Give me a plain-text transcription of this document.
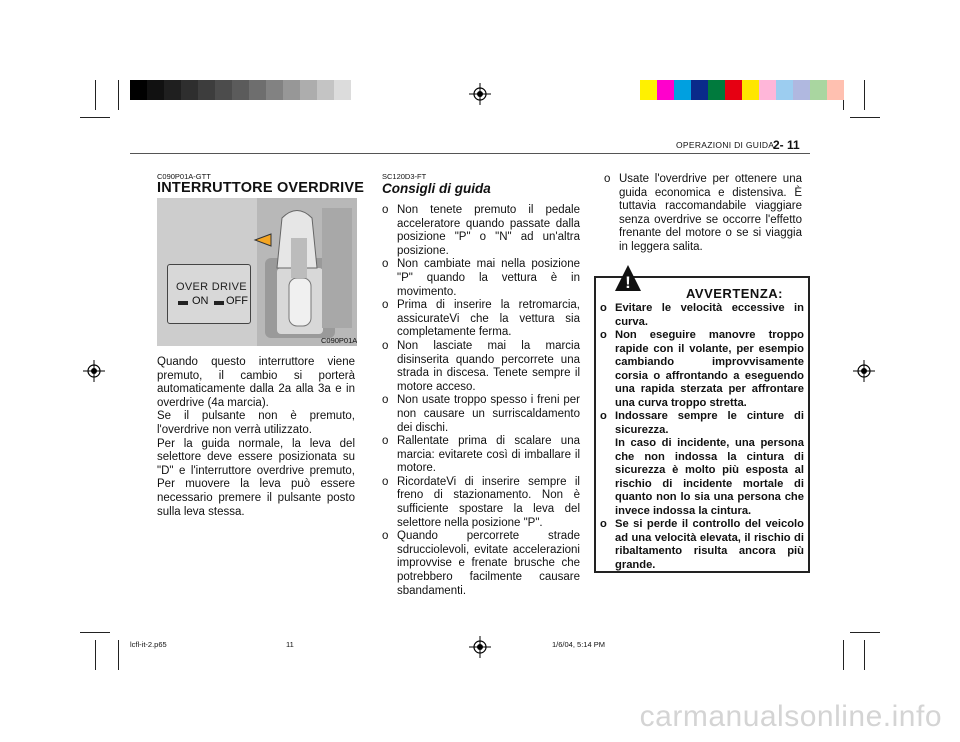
OPERAZIONI DI GUIDA
2- 11
C090P01A-GTT
INTERRUTTORE OVERDRIVE
OVER DRIVE
ON OFF
C090P01A
Quando questo interruttore viene premuto, il cambio si porterà automaticamente dalla 2a alla 3a e in overdrive (4a marcia).
Se il pulsante non è premuto, l'overdrive non verrà utilizzato.
Per la guida normale, la leva del selettore deve essere posizionata su "D" e l'interruttore overdrive premuto, Per muovere la leva può essere necessario premere il pulsante posto sulla leva stessa.
SC120D3-FT
Consigli di guida
o Non tenete premuto il pedale acceleratore quando passate dalla posizione "P" o "N" ad un'altra posizione.
o Non cambiate mai nella posizione "P" quando la vettura è in movimento.
o Prima di inserire la retromarcia, assicurateVi che la vettura sia completamente ferma.
o Non lasciate mai la marcia disinserita quando percorrete una strada in discesa. Tenete sempre il motore acceso.
o Non usate troppo spesso i freni per non causare un surriscaldamento dei dischi.
o Rallentate prima di scalare una marcia: evitarete così di imballare il motore.
o RicordateVi di inserire sempre il freno di stazionamento. Non è sufficiente spostare la leva del selettore nella posizione "P".
o Quando percorrete strade sdrucciolevoli, evitate accelerazioni improvvise e frenate brusche che potrebbero facilmente causare sbandamenti.
o Usate l'overdrive per ottenere una guida economica e distensiva. È tuttavia raccomandabile viaggiare senza overdrive se occorre l'effetto frenante del motore o se si viaggia in leggera salita.
!
AVVERTENZA:
o Evitare le velocità eccessive in curva.
o Non eseguire manovre troppo rapide con il volante, per esempio cambiando improvvisamente corsia o affrontando a eseguendo una rapida sterzata per affrontare una curva troppo stretta.
o Indossare sempre le cinture di sicurezza.
In caso di incidente, una persona che non indossa la cintura di sicurezza è molto più esposta al rischio di incidente mortale di quanto non lo sia una persona che invece indossa la cintura.
o Se si perde il controllo del veicolo ad una velocità elevata, il rischio di ribaltamento risulta ancora più grande.
lcfl-it-2.p65	11	1/6/04, 5:14 PM
carmanualsonline.info
